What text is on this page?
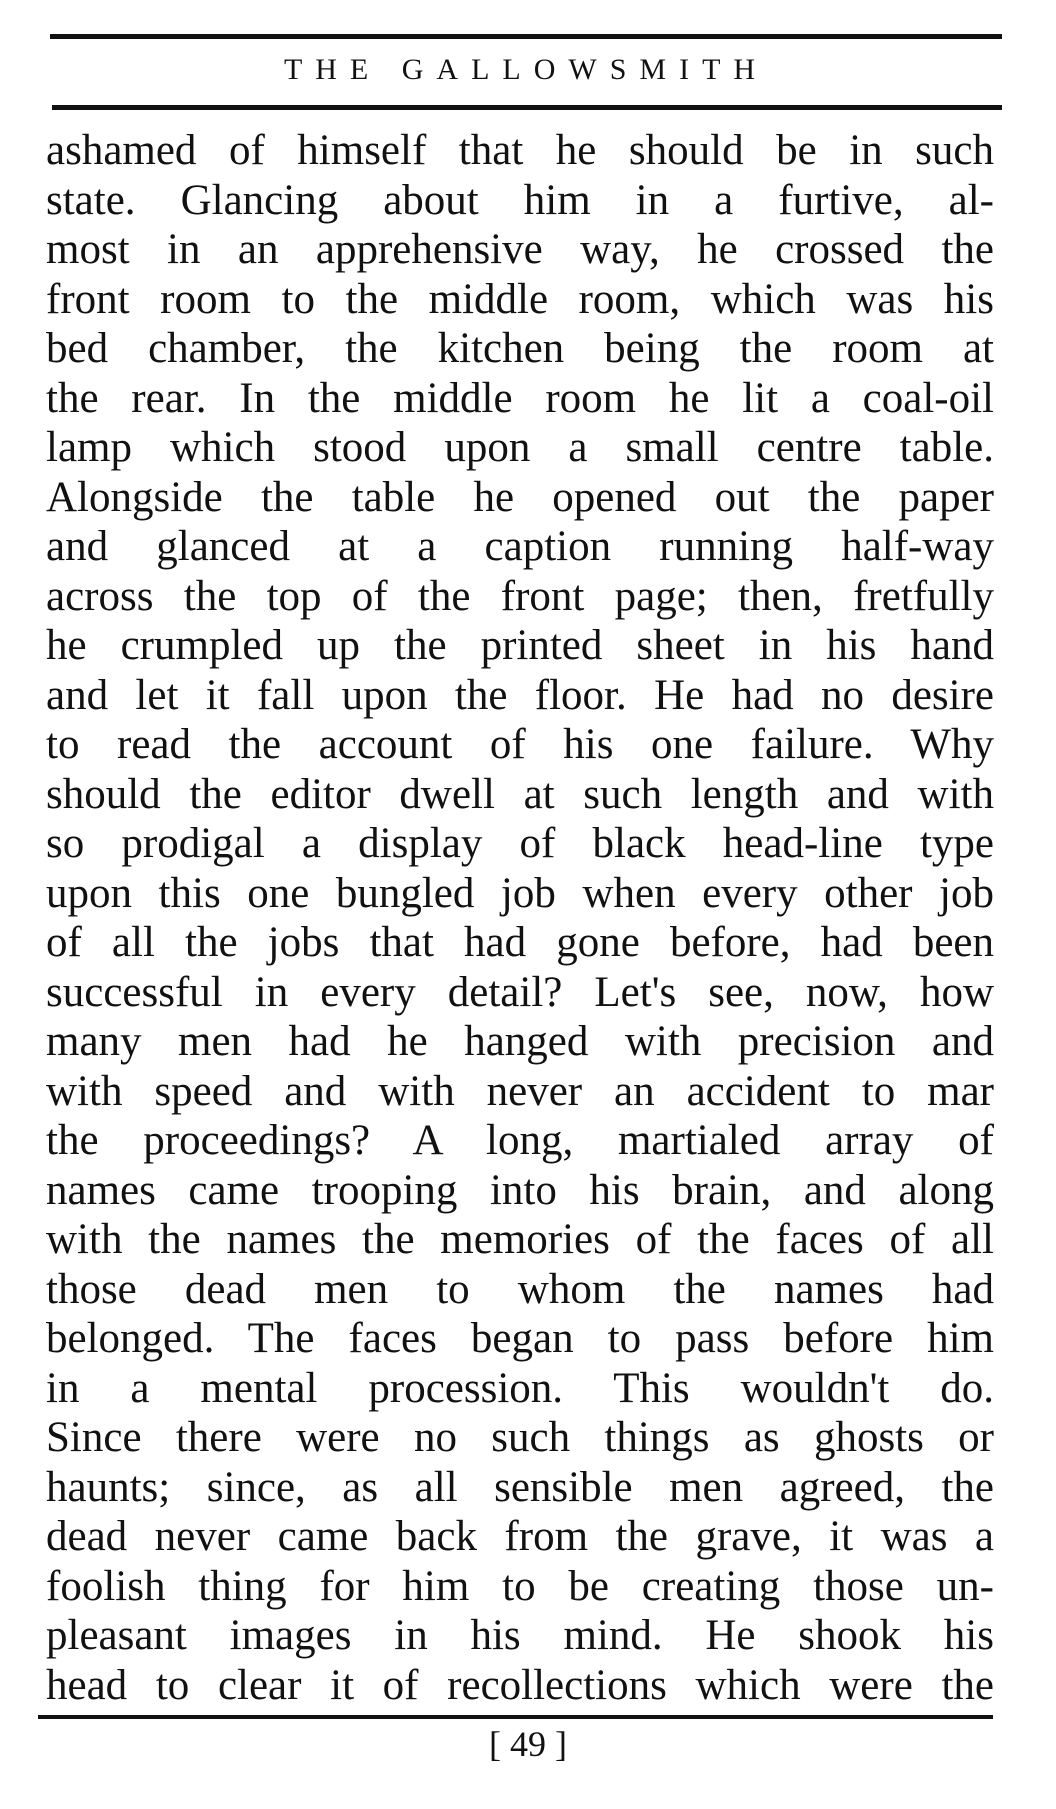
THE GALLOWSMITH
ashamed of himself that he should be in such
state. Glancing about him in a furtive, al-
most in an apprehensive way, he crossed the
front room to the middle room, which was his
bed chamber, the kitchen being the room at
the rear. In the middle room he lit a coal-oil
lamp which stood upon a small centre table.
Alongside the table he opened out the paper
and glanced at a caption running half-way
across the top of the front page; then, fretfully
he crumpled up the printed sheet in his hand
and let it fall upon the floor. He had no desire
to read the account of his one failure. Why
should the editor dwell at such length and with
so prodigal a display of black head-line type
upon this one bungled job when every other job
of all the jobs that had gone before, had been
successful in every detail? Let's see, now, how
many men had he hanged with precision and
with speed and with never an accident to mar
the proceedings? A long, martialed array of
names came trooping into his brain, and along
with the names the memories of the faces of all
those dead men to whom the names had
belonged. The faces began to pass before him
in a mental procession. This wouldn't do.
Since there were no such things as ghosts or
haunts; since, as all sensible men agreed, the
dead never came back from the grave, it was a
foolish thing for him to be creating those un-
pleasant images in his mind. He shook his
head to clear it of recollections which were the
[ 49 ]
